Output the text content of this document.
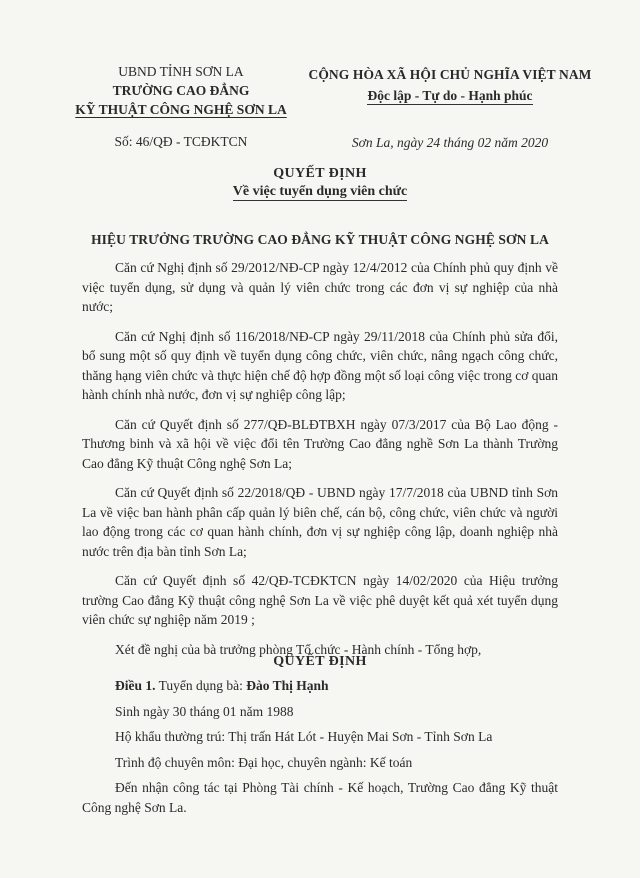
UBND TỈNH SƠN LA
TRƯỜNG CAO ĐẲNG
KỸ THUẬT CÔNG NGHỆ SƠN LA
Số: 46/QĐ - TCĐKTCN
CỘNG HÒA XÃ HỘI CHỦ NGHĨA VIỆT NAM
Độc lập - Tự do - Hạnh phúc
Sơn La, ngày 24 tháng 02 năm 2020
QUYẾT ĐỊNH
Về việc tuyển dụng viên chức
HIỆU TRƯỞNG TRƯỜNG CAO ĐẲNG KỸ THUẬT CÔNG NGHỆ SƠN LA

Căn cứ Nghị định số 29/2012/NĐ-CP ngày 12/4/2012 của Chính phủ quy định về việc tuyển dụng, sử dụng và quản lý viên chức trong các đơn vị sự nghiệp của nhà nước;

Căn cứ Nghị định số 116/2018/NĐ-CP ngày 29/11/2018 của Chính phủ sửa đổi, bổ sung một số quy định về tuyển dụng công chức, viên chức, nâng ngạch công chức, thăng hạng viên chức và thực hiện chế độ hợp đồng một số loại công việc trong cơ quan hành chính nhà nước, đơn vị sự nghiệp công lập;

Căn cứ Quyết định số 277/QĐ-BLĐTBXH ngày 07/3/2017 của Bộ Lao động - Thương binh và xã hội về việc đổi tên Trường Cao đẳng nghề Sơn La thành Trường Cao đẳng Kỹ thuật Công nghệ Sơn La;

Căn cứ Quyết định số 22/2018/QĐ - UBND ngày 17/7/2018 của UBND tỉnh Sơn La về việc ban hành phân cấp quản lý biên chế, cán bộ, công chức, viên chức và người lao động trong các cơ quan hành chính, đơn vị sự nghiệp công lập, doanh nghiệp nhà nước trên địa bàn tỉnh Sơn La;

Căn cứ Quyết định số 42/QĐ-TCĐKTCN ngày 14/02/2020 của Hiệu trưởng trường Cao đẳng Kỹ thuật công nghệ Sơn La về việc phê duyệt kết quả xét tuyển dụng viên chức sự nghiệp năm 2019 ;

Xét đề nghị của bà trưởng phòng Tổ chức - Hành chính - Tổng hợp,

QUYẾT ĐỊNH

Điều 1. Tuyển dụng bà: Đào Thị Hạnh

Sinh ngày 30 tháng 01 năm 1988

Hộ khẩu thường trú: Thị trấn Hát Lót - Huyện Mai Sơn - Tỉnh Sơn La

Trình độ chuyên môn: Đại học, chuyên ngành: Kế toán

Đến nhận công tác tại Phòng Tài chính - Kế hoạch, Trường Cao đẳng Kỹ thuật Công nghệ Sơn La.
